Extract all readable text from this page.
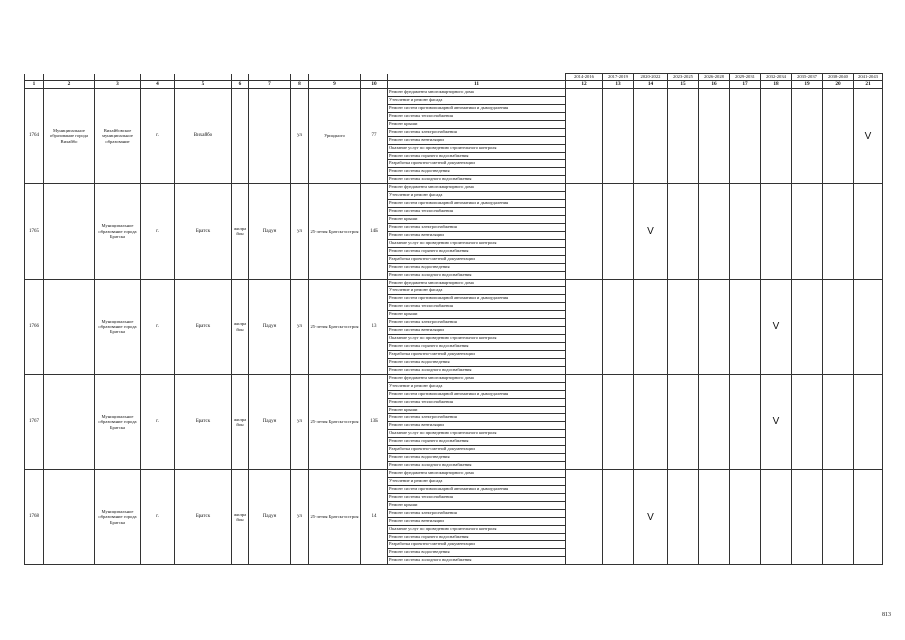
											2014-2016	2017-2019	2020-2022	2023-2025	2026-2028	2029-2031	2032-2034	2035-2037	2038-2040	2041-2043
1	2	3	4	5	6	7	8	9	10	11	12	13	14	15	16	17	18	19	20	21
1764	Муниципальное образование города Вихайбо	Вихайбовское муниципальное образование	г.	Вихайбо			ул	Уриадного	77	Ремонт фундамента многоквартирного дома										V
										Утепление и ремонт фасада										
										Ремонт систем противопожарной автоматики и дымоудаления										
										Ремонт системы теплоснабжения										
										Ремонт крыши										
										Ремонт системы электроснабжения										
										Ремонт системы вентиляции										
										Оказание услуг по проведению строительного контроля										
										Ремонт системы горячего водоснабжения										
										Разработка проектно-сметной документации										
										Ремонт системы водоотведения										
										Ремонт системы холодного водоснабжения										
1765		Муниципальное образование города Братска	г.	Братск	жилрайон	Падун	ул	25-летия Братскгэсстроя	14Б	Ремонт фундамента многоквартирного дома			V							
										Утепление и ремонт фасада										
										Ремонт систем противопожарной автоматики и дымоудаления										
										Ремонт системы теплоснабжения										
										Ремонт крыши										
										Ремонт системы электроснабжения										
										Ремонт системы вентиляции										
										Оказание услуг по проведению строительного контроля										
										Ремонт системы горячего водоснабжения										
										Разработка проектно-сметной документации										
										Ремонт системы водоотведения										
										Ремонт системы холодного водоснабжения										
1766		Муниципальное образование города Братска	г.	Братск	жилрайон	Падун	ул	25-летия Братскгэсстроя	13	Ремонт фундамента многоквартирного дома							V			
										Утепление и ремонт фасада										
										Ремонт систем противопожарной автоматики и дымоудаления										
										Ремонт системы теплоснабжения										
										Ремонт крыши										
										Ремонт системы электроснабжения										
										Ремонт системы вентиляции										
										Оказание услуг по проведению строительного контроля										
										Ремонт системы горячего водоснабжения										
										Разработка проектно-сметной документации										
										Ремонт системы водоотведения										
										Ремонт системы холодного водоснабжения										
1767		Муниципальное образование города Братска	г.	Братск	жилрайон	Падун	ул	25-летия Братскгэсстроя	13Б	Ремонт фундамента многоквартирного дома							V			
										Утепление и ремонт фасада										
										Ремонт систем противопожарной автоматики и дымоудаления										
										Ремонт системы теплоснабжения										
										Ремонт крыши										
										Ремонт системы электроснабжения										
										Ремонт системы вентиляции										
										Оказание услуг по проведению строительного контроля										
										Ремонт системы горячего водоснабжения										
										Разработка проектно-сметной документации										
										Ремонт системы водоотведения										
										Ремонт системы холодного водоснабжения										
1768		Муниципальное образование города Братска	г.	Братск	жилрайон	Падун	ул	25-летия Братскгэсстроя	14	Ремонт фундамента многоквартирного дома			V							
										Утепление и ремонт фасада										
										Ремонт систем противопожарной автоматики и дымоудаления										
										Ремонт системы теплоснабжения										
										Ремонт крыши										
										Ремонт системы электроснабжения										
										Ремонт системы вентиляции										
										Оказание услуг по проведению строительного контроля										
										Ремонт системы горячего водоснабжения										
										Разработка проектно-сметной документации										
										Ремонт системы водоотведения										
										Ремонт системы холодного водоснабжения										
813
